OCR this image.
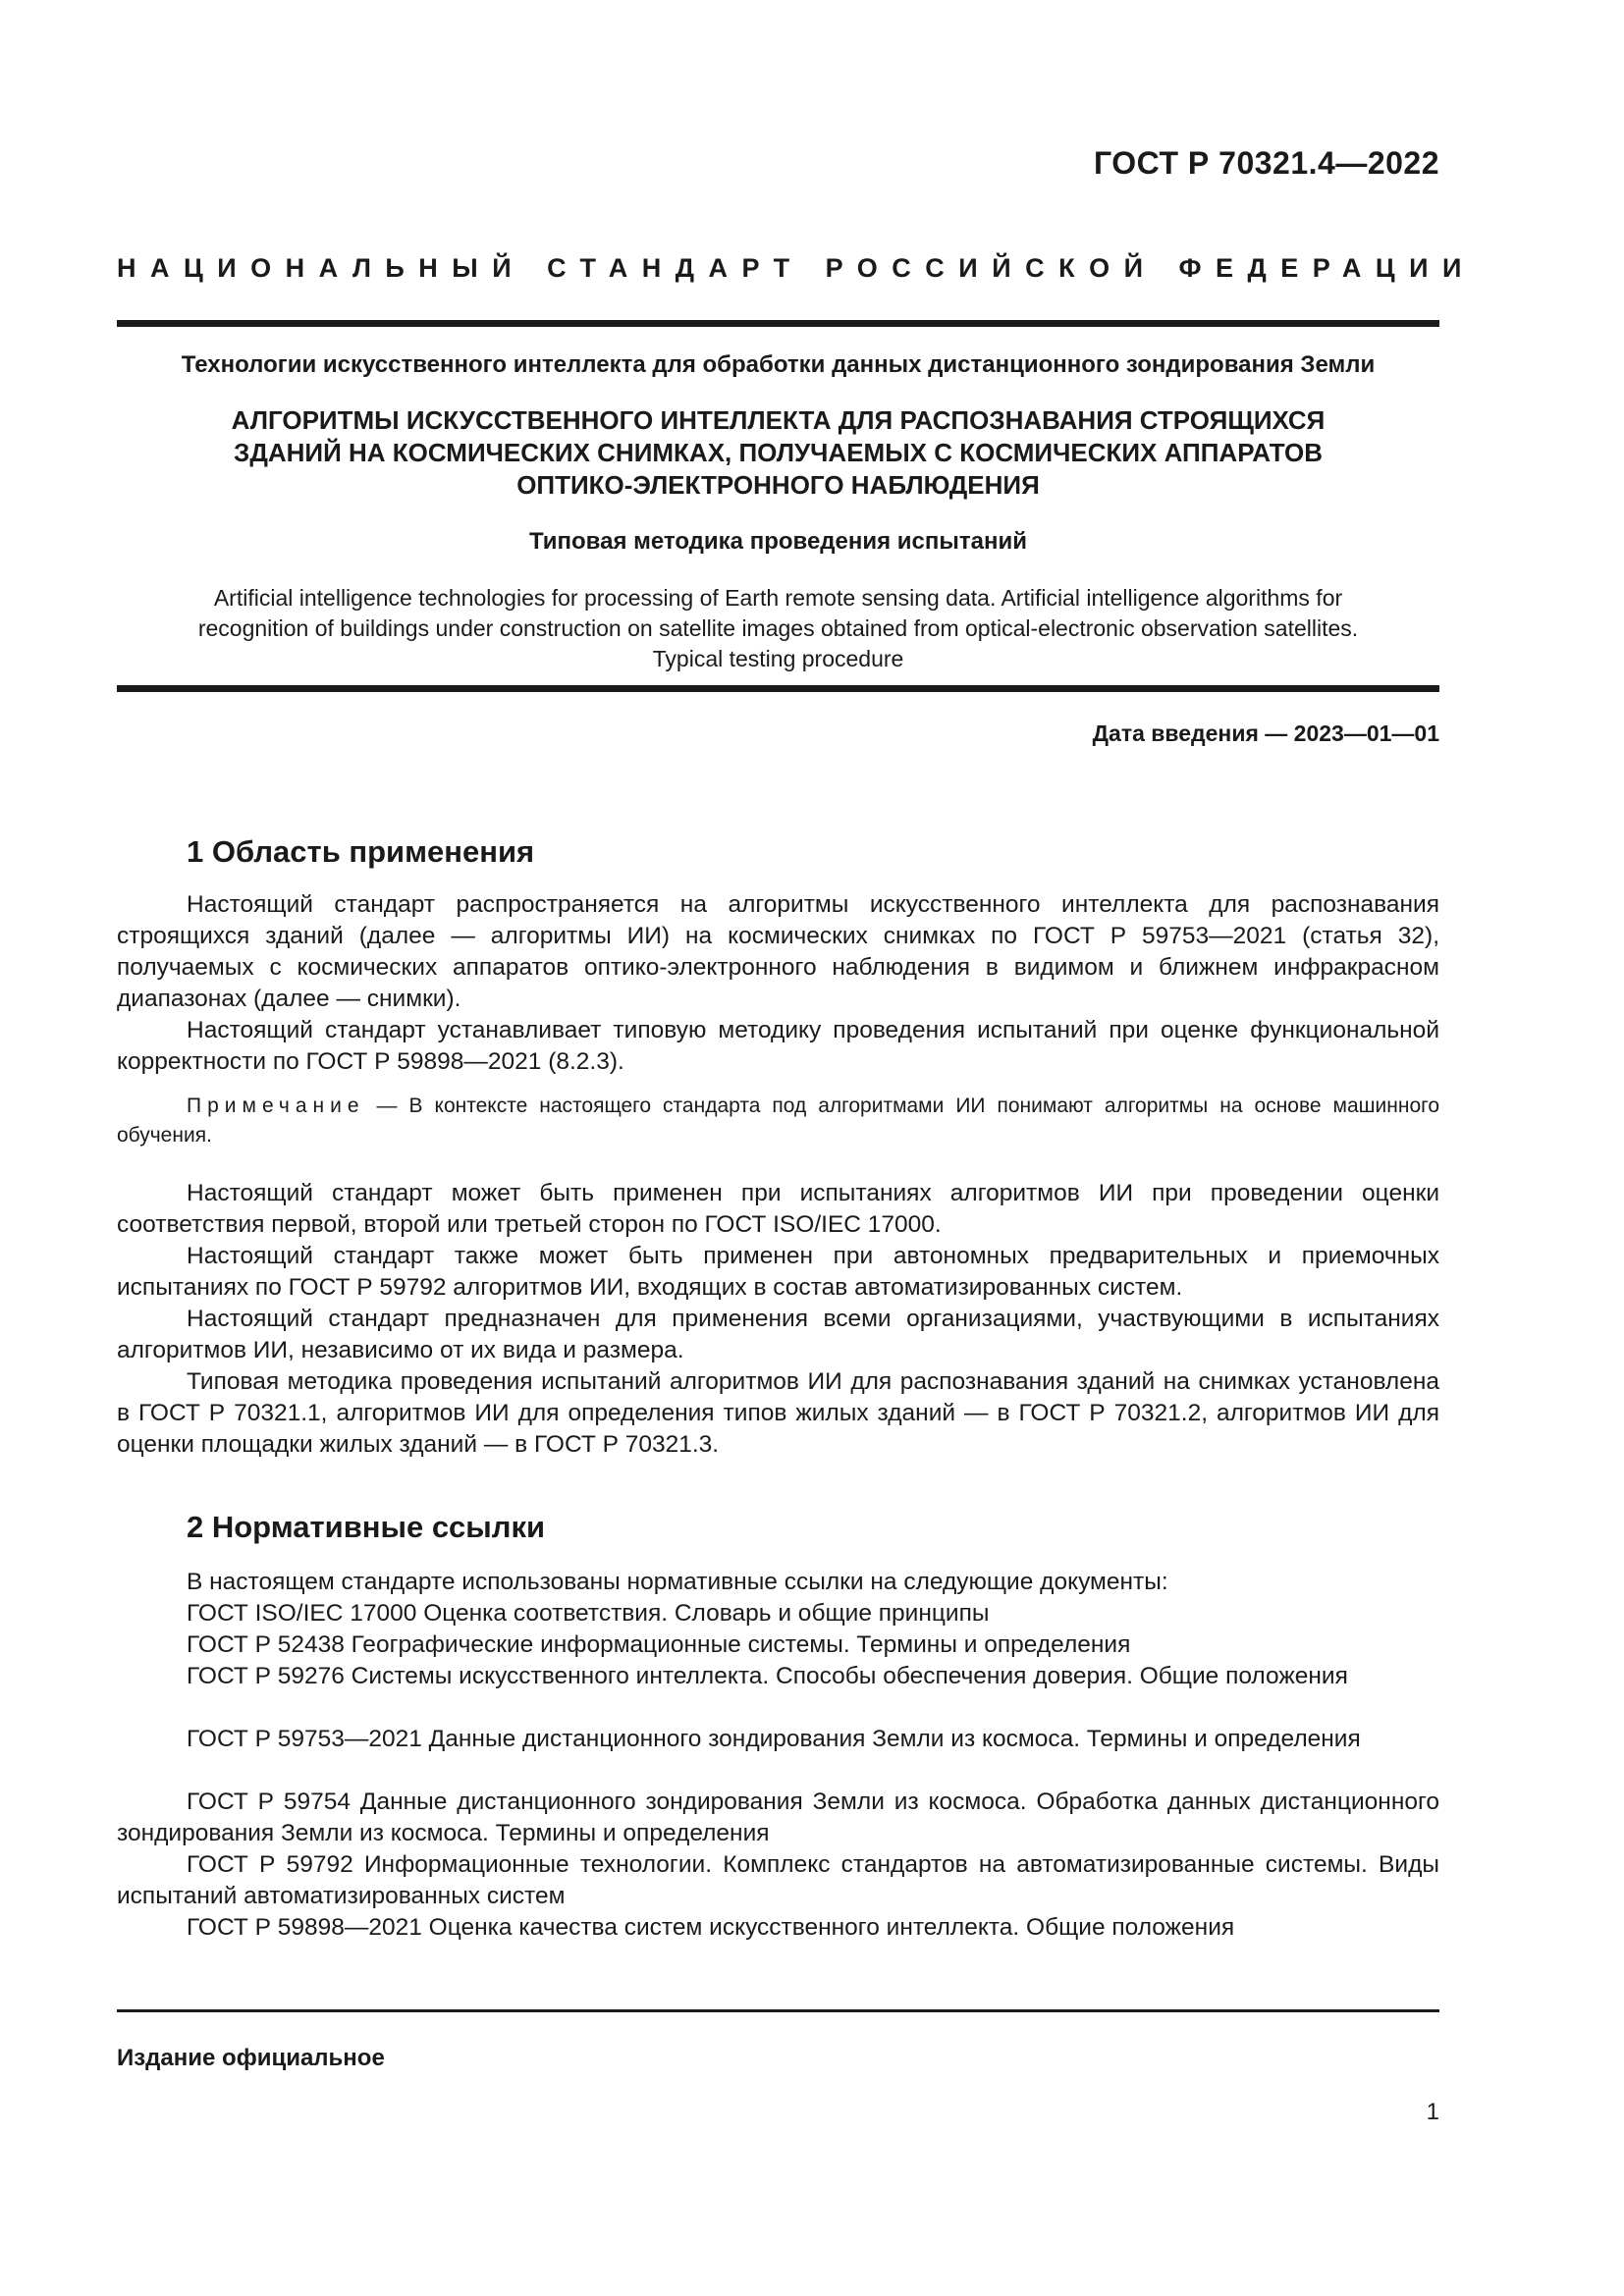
ГОСТ Р 70321.4—2022
НАЦИОНАЛЬНЫЙ СТАНДАРТ РОССИЙСКОЙ ФЕДЕРАЦИИ
Технологии искусственного интеллекта для обработки данных дистанционного зондирования Земли
АЛГОРИТМЫ ИСКУССТВЕННОГО ИНТЕЛЛЕКТА ДЛЯ РАСПОЗНАВАНИЯ СТРОЯЩИХСЯ
ЗДАНИЙ НА КОСМИЧЕСКИХ СНИМКАХ, ПОЛУЧАЕМЫХ С КОСМИЧЕСКИХ АППАРАТОВ
ОПТИКО-ЭЛЕКТРОННОГО НАБЛЮДЕНИЯ
Типовая методика проведения испытаний
Artificial intelligence technologies for processing of Earth remote sensing data. Artificial intelligence algorithms for
recognition of buildings under construction on satellite images obtained from optical-electronic observation satellites.
Typical testing procedure
Дата введения — 2023—01—01
1 Область применения

Настоящий стандарт распространяется на алгоритмы искусственного интеллекта для распознавания строящихся зданий (далее — алгоритмы ИИ) на космических снимках по ГОСТ Р 59753—2021 (статья 32), получаемых с космических аппаратов оптико-электронного наблюдения в видимом и ближнем инфракрасном диапазонах (далее — снимки).

Настоящий стандарт устанавливает типовую методику проведения испытаний при оценке функциональной корректности по ГОСТ Р 59898—2021 (8.2.3).

Примечание — В контексте настоящего стандарта под алгоритмами ИИ понимают алгоритмы на основе машинного обучения.

Настоящий стандарт может быть применен при испытаниях алгоритмов ИИ при проведении оценки соответствия первой, второй или третьей сторон по ГОСТ ISO/IEC 17000.

Настоящий стандарт также может быть применен при автономных предварительных и приемочных испытаниях по ГОСТ Р 59792 алгоритмов ИИ, входящих в состав автоматизированных систем.

Настоящий стандарт предназначен для применения всеми организациями, участвующими в испытаниях алгоритмов ИИ, независимо от их вида и размера.

Типовая методика проведения испытаний алгоритмов ИИ для распознавания зданий на снимках установлена в ГОСТ Р 70321.1, алгоритмов ИИ для определения типов жилых зданий — в ГОСТ Р 70321.2, алгоритмов ИИ для оценки площадки жилых зданий — в ГОСТ Р 70321.3.

2 Нормативные ссылки

В настоящем стандарте использованы нормативные ссылки на следующие документы:

ГОСТ ISO/IEC 17000 Оценка соответствия. Словарь и общие принципы

ГОСТ Р 52438 Географические информационные системы. Термины и определения

ГОСТ Р 59276 Системы искусственного интеллекта. Способы обеспечения доверия. Общие положения

ГОСТ Р 59753—2021 Данные дистанционного зондирования Земли из космоса. Термины и определения

ГОСТ Р 59754 Данные дистанционного зондирования Земли из космоса. Обработка данных дистанционного зондирования Земли из космоса. Термины и определения

ГОСТ Р 59792 Информационные технологии. Комплекс стандартов на автоматизированные системы. Виды испытаний автоматизированных систем

ГОСТ Р 59898—2021 Оценка качества систем искусственного интеллекта. Общие положения

Издание официальное
1
